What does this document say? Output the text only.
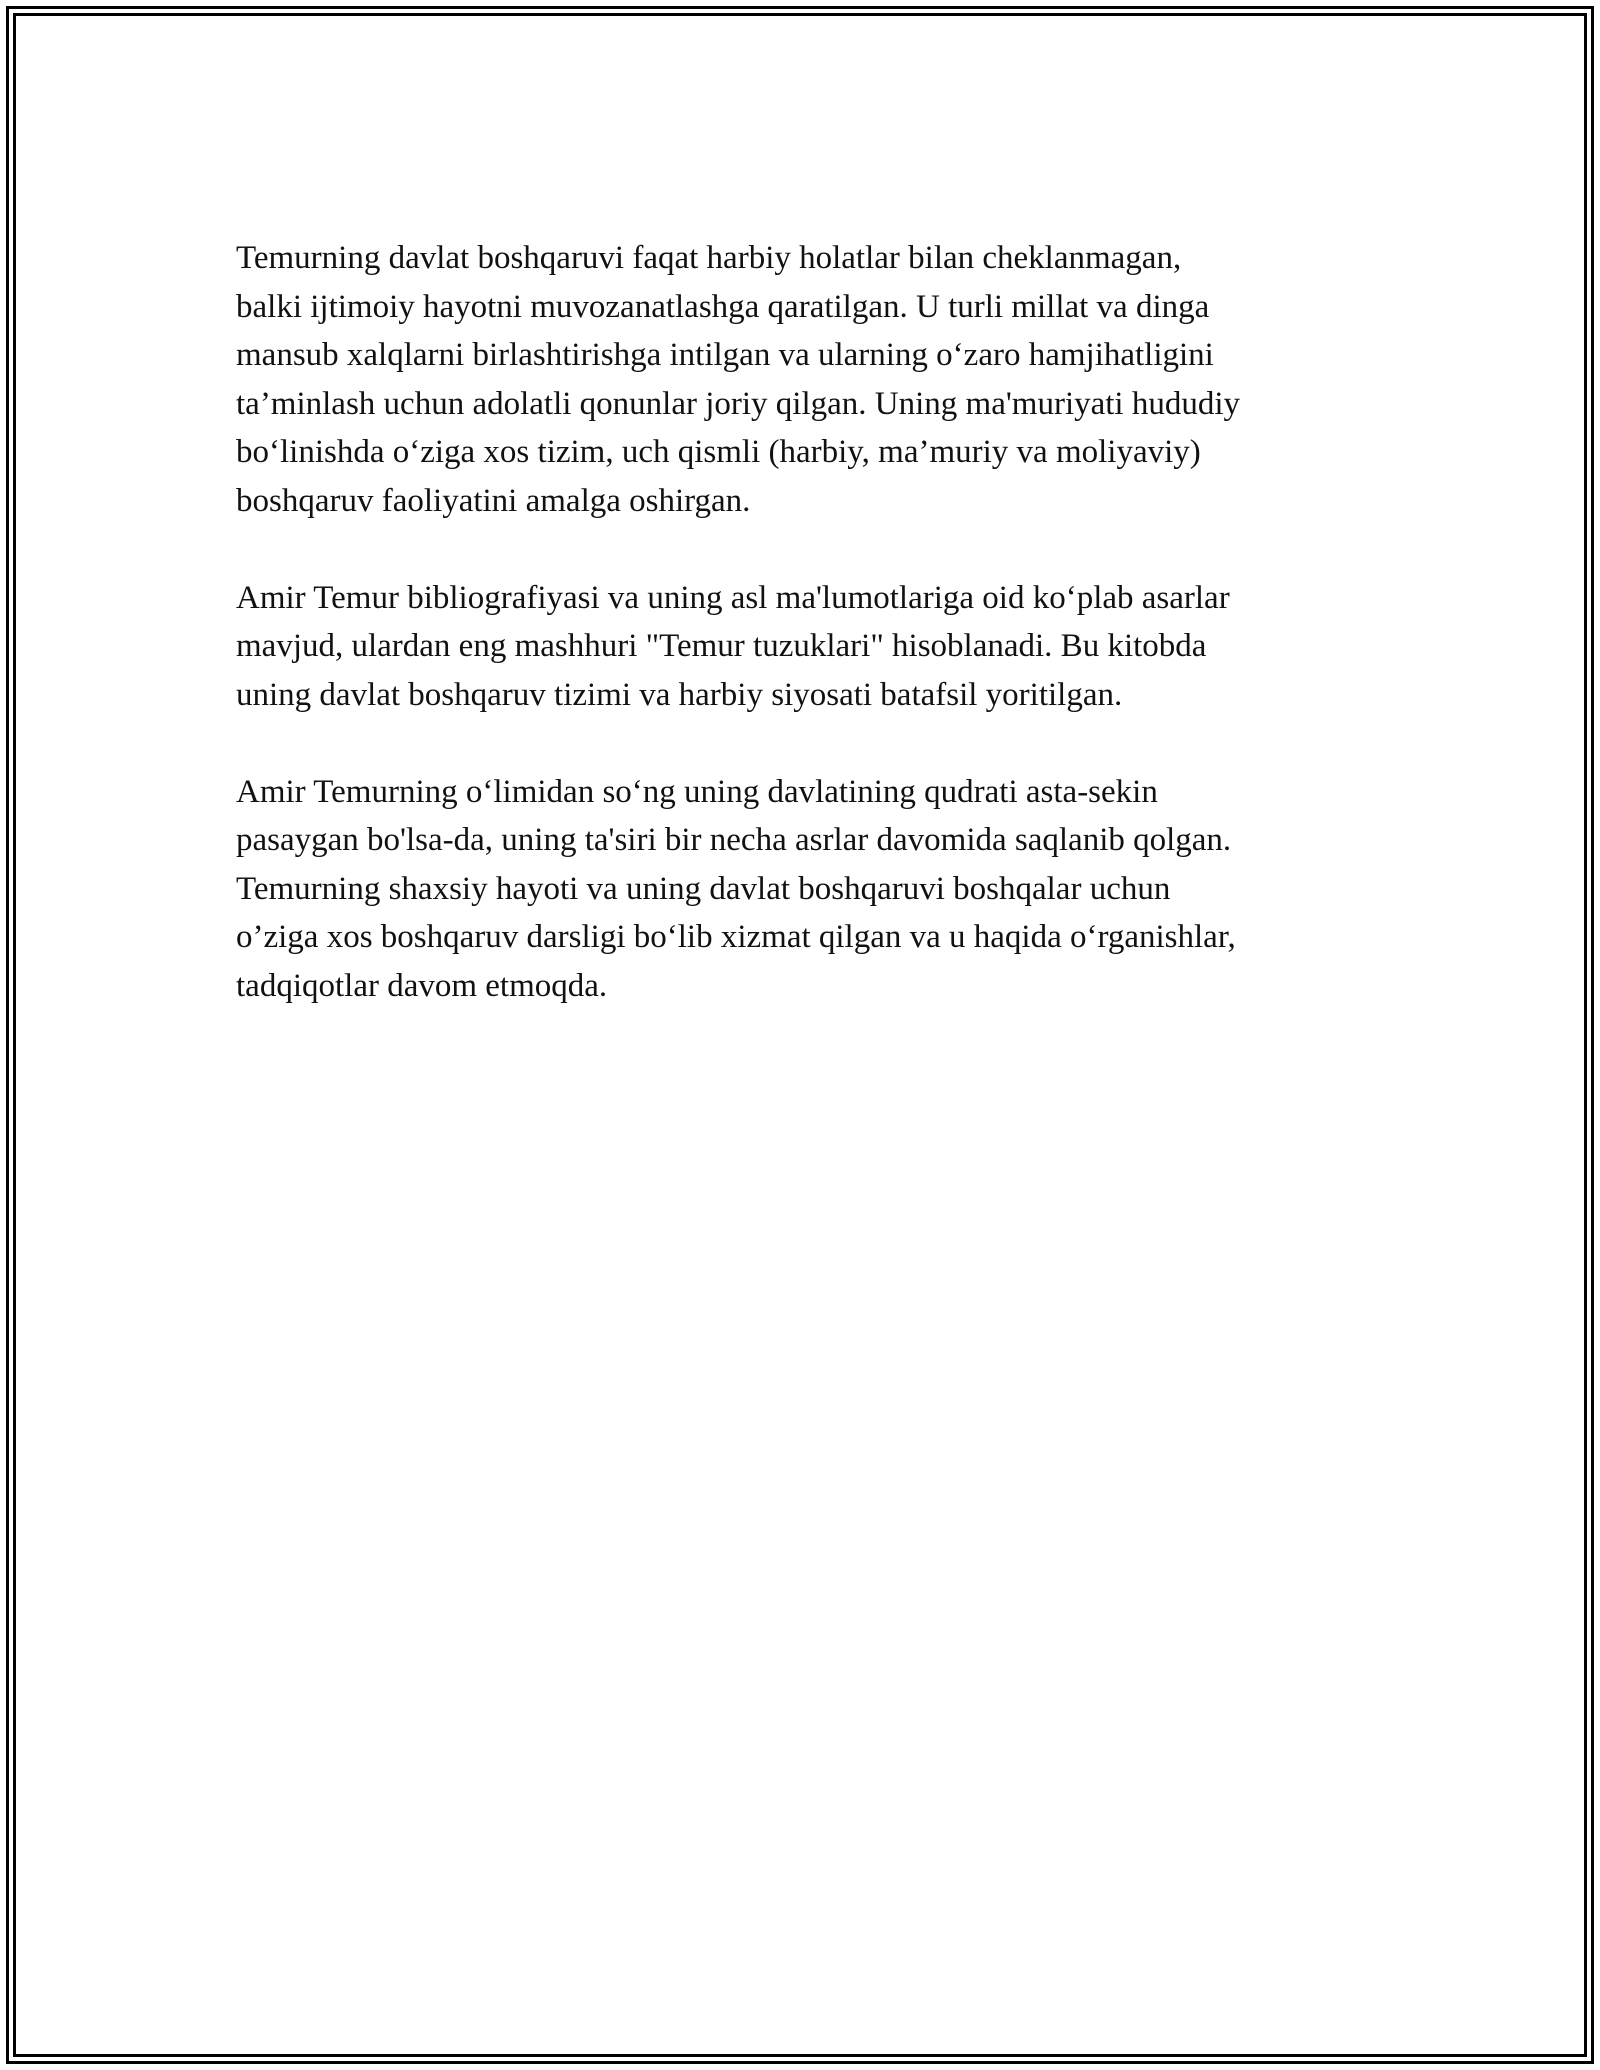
Temurning davlat boshqaruvi faqat harbiy holatlar bilan cheklanmagan,
balki ijtimoiy hayotni muvozanatlashga qaratilgan. U turli millat va dinga
mansub xalqlarni birlashtirishga intilgan va ularning o‘zaro hamjihatligini
ta’minlash uchun adolatli qonunlar joriy qilgan. Uning ma'muriyati hududiy
bo‘linishda o‘ziga xos tizim, uch qismli (harbiy, ma’muriy va moliyaviy)
boshqaruv faoliyatini amalga oshirgan.

Amir Temur bibliografiyasi va uning asl ma'lumotlariga oid ko‘plab asarlar
mavjud, ulardan eng mashhuri "Temur tuzuklari" hisoblanadi. Bu kitobda
uning davlat boshqaruv tizimi va harbiy siyosati batafsil yoritilgan.

Amir Temurning o‘limidan so‘ng uning davlatining qudrati asta-sekin
pasaygan bo'lsa-da, uning ta'siri bir necha asrlar davomida saqlanib qolgan.
Temurning shaxsiy hayoti va uning davlat boshqaruvi boshqalar uchun
o’ziga xos boshqaruv darsligi bo‘lib xizmat qilgan va u haqida o‘rganishlar,
tadqiqotlar davom etmoqda.
